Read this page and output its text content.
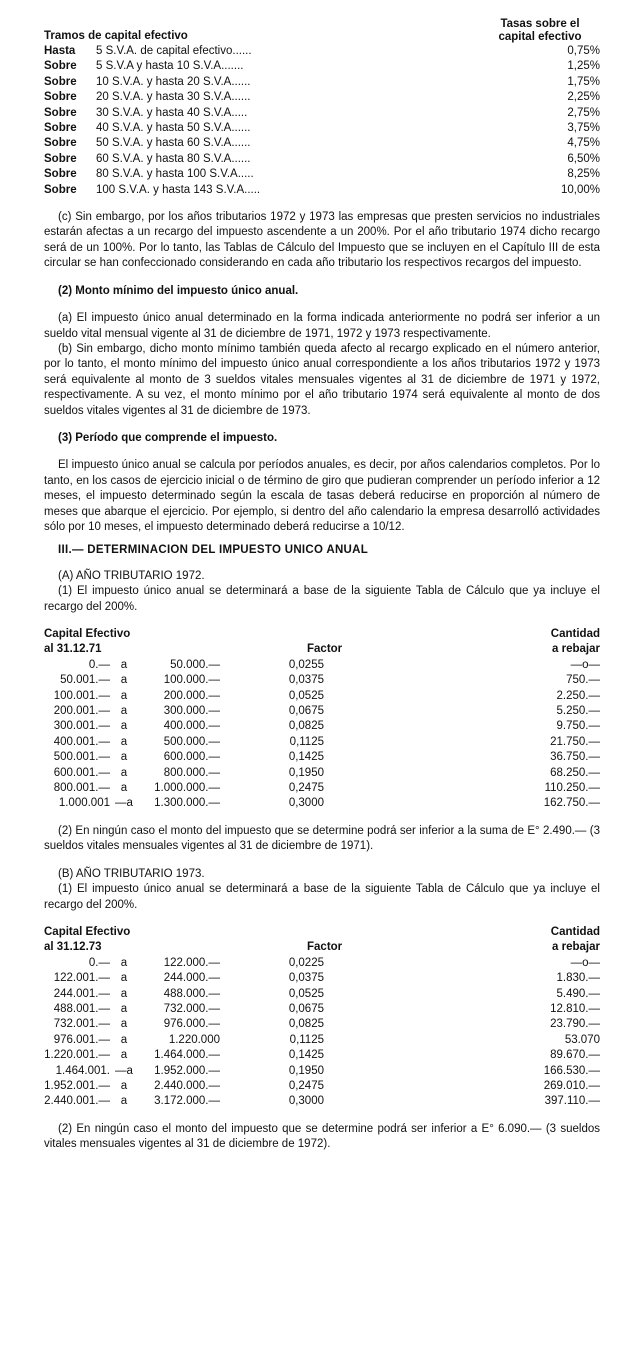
Tramos de capital efectivo
Tasas sobre el
capital efectivo
Hasta	5 S.V.A. de capital efectivo......	0,75%
Sobre	5 S.V.A y hasta 10 S.V.A.......	1,25%
Sobre	10 S.V.A. y hasta 20 S.V.A......	1,75%
Sobre	20 S.V.A. y hasta 30 S.V.A......	2,25%
Sobre	30 S.V.A. y hasta 40 S.V.A.....	2,75%
Sobre	40 S.V.A. y hasta 50 S.V.A......	3,75%
Sobre	50 S.V.A. y hasta 60 S.V.A......	4,75%
Sobre	60 S.V.A. y hasta 80 S.V.A......	6,50%
Sobre	80 S.V.A. y hasta 100 S.V.A.....	8,25%
Sobre	100 S.V.A. y hasta 143 S.V.A.....	10,00%

(c) Sin embargo, por los años tributarios 1972 y 1973 las empresas que presten servicios no industriales estarán afectas a un recargo del impuesto ascendente a un 200%. Por el año tributario 1974 dicho recargo será de un 100%. Por lo tanto, las Tablas de Cálculo del Impuesto que se incluyen en el Capítulo III de esta circular se han confeccionado considerando en cada año tributario los respectivos recargos del impuesto.

(2) Monto mínimo del impuesto único anual.

(a) El impuesto único anual determinado en la forma indicada anteriormente no podrá ser inferior a un sueldo vital mensual vigente al 31 de diciembre de 1971, 1972 y 1973 respectivamente.

(b) Sin embargo, dicho monto mínimo también queda afecto al recargo explicado en el número anterior, por lo tanto, el monto mínimo del impuesto único anual correspondiente a los años tributarios 1972 y 1973 será equivalente al monto de 3 sueldos vitales mensuales vigentes al 31 de diciembre de 1971 y 1972, respectivamente. A su vez, el monto mínimo por el año tributario 1974 será equivalente al monto de dos sueldos vitales vigentes al 31 de diciembre de 1973.

(3) Período que comprende el impuesto.

El impuesto único anual se calcula por períodos anuales, es decir, por años calendarios completos. Por lo tanto, en los casos de ejercicio inicial o de término de giro que pudieran comprender un período inferior a 12 meses, el impuesto determinado según la escala de tasas deberá reducirse en proporción al número de meses que abarque el ejercicio. Por ejemplo, si dentro del año calendario la empresa desarrolló actividades sólo por 10 meses, el impuesto determinado deberá reducirse a 10/12.

III.— DETERMINACION DEL IMPUESTO UNICO ANUAL
(A) AÑO TRIBUTARIO 1972.

(1) El impuesto único anual se determinará a base de la siguiente Tabla de Cálculo que ya incluye el recargo del 200%.

Capital Efectivo
al 31.12.71	Factor
Cantidad
a rebajar
0.— a	50.000.—	0,0255	—o—
50.001.— a	100.000.—	0,0375	750.—
100.001.— a	200.000.—	0,0525	2.250.—
200.001.— a	300.000.—	0,0675	5.250.—
300.001.— a	400.000.—	0,0825	9.750.—
400.001.— a	500.000.—	0,1125	21.750.—
500.001.— a	600.000.—	0,1425	36.750.—
600.001.— a	800.000.—	0,1950	68.250.—
800.001.— a	1.000.000.—	0,2475	110.250.—
1.000.001 —a	1.300.000.—	0,3000	162.750.—

(2) En ningún caso el monto del impuesto que se determine podrá ser inferior a la suma de E° 2.490.— (3 sueldos vitales mensuales vigentes al 31 de diciembre de 1971).

(B) AÑO TRIBUTARIO 1973.

(1) El impuesto único anual se determinará a base de la siguiente Tabla de Cálculo que ya incluye el recargo del 200%.

Capital Efectivo
al 31.12.73	Factor
Cantidad
a rebajar
0.— a	122.000.—	0,0225	—o—
122.001.— a	244.000.—	0,0375	1.830.—
244.001.— a	488.000.—	0,0525	5.490.—
488.001.— a	732.000.—	0,0675	12.810.—
732.001.— a	976.000.—	0,0825	23.790.—
976.001.— a	1.220.000	0,1125	53.070
1.220.001.— a	1.464.000.—	0,1425	89.670.—
1.464.001. —a	1.952.000.—	0,1950	166.530.—
1.952.001.— a	2.440.000.—	0,2475	269.010.—
2.440.001.— a	3.172.000.—	0,3000	397.110.—

(2) En ningún caso el monto del impuesto que se determine podrá ser inferior a E° 6.090.— (3 sueldos vitales mensuales vigentes al 31 de diciembre de 1972).
